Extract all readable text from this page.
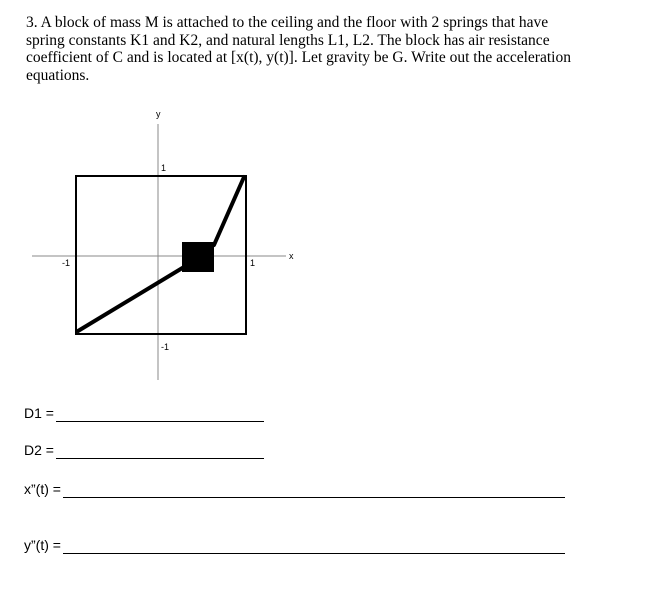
3. A block of mass M is attached to the ceiling and the floor with 2 springs that have
spring constants K1 and K2, and natural lengths L1, L2. The block has air resistance
coefficient of C and is located at [x(t), y(t)]. Let gravity be G. Write out the acceleration
equations.
y
x
1
-1
-1	1
D1 =
D2 =
x”(t) =
y”(t) =
